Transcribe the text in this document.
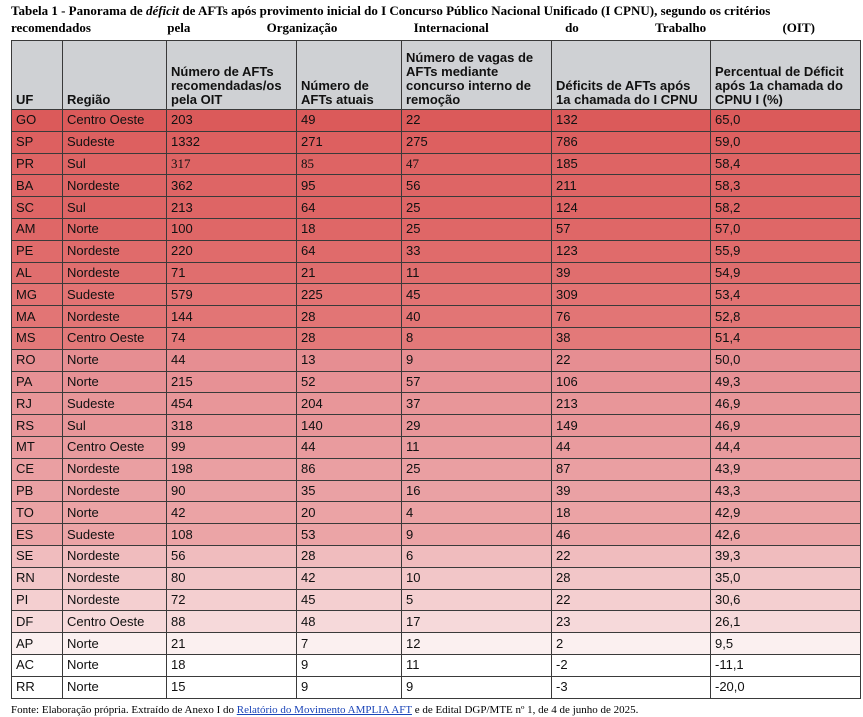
Tabela 1 - Panorama de déficit de AFTs após provimento inicial do I Concurso Público Nacional Unificado (I CPNU), segundo os critérios
recomendados	pela	Organização	Internacional	do	Trabalho	(OIT)
UF	Região	Número de AFTs recomendadas/os pela OIT	Número de AFTs atuais	Número de vagas de AFTs mediante concurso interno de remoção	Déficits de AFTs após 1a chamada do I CPNU	Percentual de Déficit após 1a chamada do CPNU I (%)
GO	Centro Oeste	203	49	22	132	65,0
SP	Sudeste	1332	271	275	786	59,0
PR	Sul	317	85	47	185	58,4
BA	Nordeste	362	95	56	211	58,3
SC	Sul	213	64	25	124	58,2
AM	Norte	100	18	25	57	57,0
PE	Nordeste	220	64	33	123	55,9
AL	Nordeste	71	21	11	39	54,9
MG	Sudeste	579	225	45	309	53,4
MA	Nordeste	144	28	40	76	52,8
MS	Centro Oeste	74	28	8	38	51,4
RO	Norte	44	13	9	22	50,0
PA	Norte	215	52	57	106	49,3
RJ	Sudeste	454	204	37	213	46,9
RS	Sul	318	140	29	149	46,9
MT	Centro Oeste	99	44	11	44	44,4
CE	Nordeste	198	86	25	87	43,9
PB	Nordeste	90	35	16	39	43,3
TO	Norte	42	20	4	18	42,9
ES	Sudeste	108	53	9	46	42,6
SE	Nordeste	56	28	6	22	39,3
RN	Nordeste	80	42	10	28	35,0
PI	Nordeste	72	45	5	22	30,6
DF	Centro Oeste	88	48	17	23	26,1
AP	Norte	21	7	12	2	9,5
AC	Norte	18	9	11	-2	-11,1
RR	Norte	15	9	9	-3	-20,0
Fonte: Elaboração própria. Extraído de Anexo I do Relatório do Movimento AMPLIA AFT e de Edital DGP/MTE nº 1, de 4 de junho de 2025.
